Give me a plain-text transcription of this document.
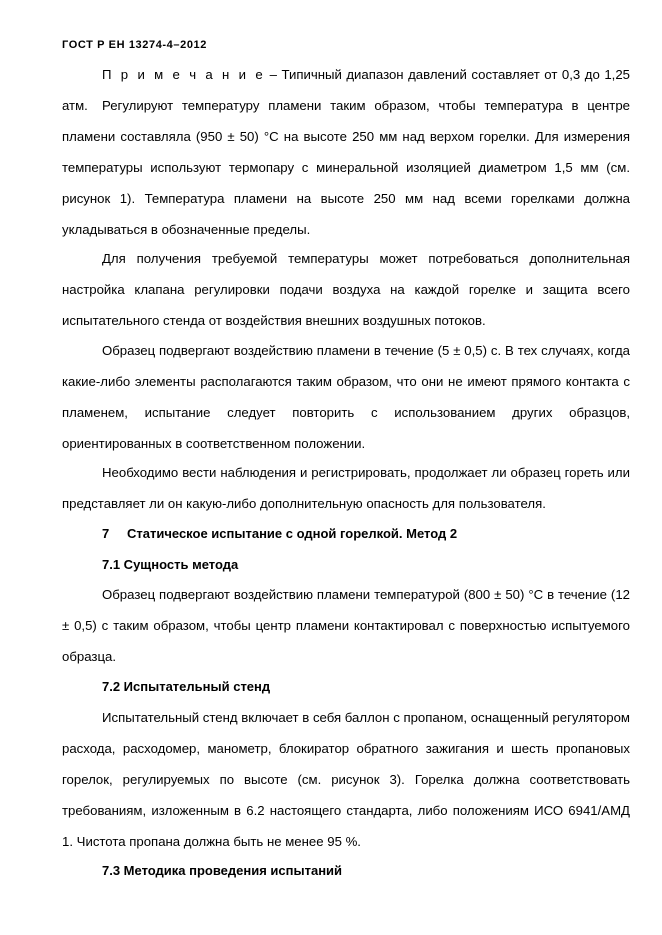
ГОСТ Р ЕН 13274-4–2012

П р и м е ч а н и е – Типичный диапазон давлений составляет от 0,3 до 1,25 атм.	Регулируют температуру пламени таким образом, чтобы температура в центре пламени составляла (950 ± 50) °С на высоте 250 мм над верхом горелки. Для измерения температуры используют термопару с минеральной изоляцией диаметром 1,5 мм (см. рисунок 1). Температура пламени на высоте 250 мм над всеми горелками должна укладываться в обозначенные пределы.

Для получения требуемой температуры может потребоваться дополнительная настройка клапана регулировки подачи воздуха на каждой горелке и защита всего испытательного стенда от воздействия внешних воздушных потоков.

Образец подвергают воздействию пламени в течение (5 ± 0,5) с. В тех случаях, когда какие-либо элементы располагаются таким образом, что они не имеют прямого контакта с пламенем, испытание следует повторить с использованием других образцов, ориентированных в соответственном положении.

Необходимо вести наблюдения и регистрировать, продолжает ли образец гореть или представляет ли он какую-либо дополнительную опасность для пользователя.

7 Статическое испытание с одной горелкой. Метод 2
7.1 Сущность метода

Образец подвергают воздействию пламени температурой (800 ± 50) °С в течение (12 ± 0,5) с таким образом, чтобы центр пламени контактировал с поверхностью испытуемого образца.

7.2 Испытательный стенд

Испытательный стенд включает в себя баллон с пропаном, оснащенный регулятором расхода, расходомер, манометр, блокиратор обратного зажигания и шесть пропановых горелок, регулируемых по высоте (см. рисунок 3). Горелка должна соответствовать требованиям, изложенным в 6.2 настоящего стандарта, либо положениям ИСО 6941/АМД 1. Чистота пропана должна быть не менее 95 %.

7.3 Методика проведения испытаний
